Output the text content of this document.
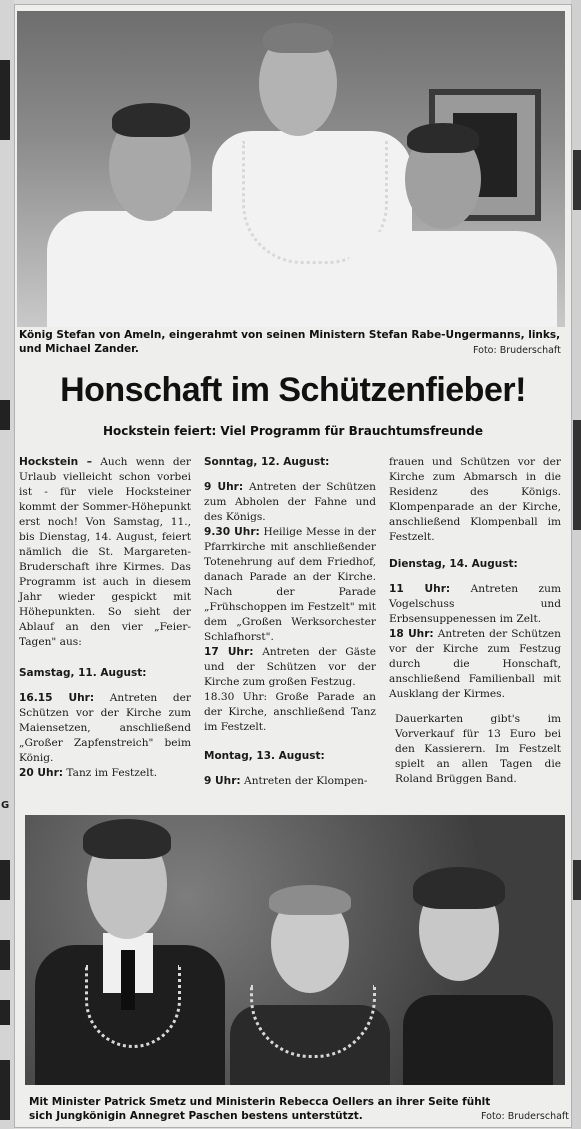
G
König Stefan von Ameln, eingerahmt von seinen Ministern Stefan Rabe-Ungermanns, links, und Michael Zander.	Foto: Bruderschaft
Honschaft im Schützenfieber!
Hockstein feiert: Viel Programm für Brauchtumsfreunde

Hockstein – Auch wenn der Urlaub vielleicht schon vorbei ist - für viele Hocksteiner kommt der Sommer-Höhepunkt erst noch! Von Samstag, 11., bis Dienstag, 14. August, feiert nämlich die St. Margareten-Bruderschaft ihre Kirmes. Das Programm ist auch in diesem Jahr wieder gespickt mit Höhepunkten. So sieht der Ablauf an den vier „Feier-Tagen" aus:

Samstag, 11. August:

16.15 Uhr: Antreten der Schützen vor der Kirche zum Maiensetzen, anschließend „Großer Zapfenstreich" beim König.

20 Uhr: Tanz im Festzelt.

Sonntag, 12. August:

9 Uhr: Antreten der Schützen zum Abholen der Fahne und des Königs.

9.30 Uhr: Heilige Messe in der Pfarrkirche mit anschließender Totenehrung auf dem Friedhof, danach Parade an der Kirche. Nach der Parade „Frühschoppen im Festzelt" mit dem „Großen Werksorchester Schlafhorst".

17 Uhr: Antreten der Gäste und der Schützen vor der Kirche zum großen Festzug.

18.30 Uhr: Große Parade an der Kirche, anschließend Tanz im Festzelt.

Montag, 13. August:

9 Uhr: Antreten der Klompen-

frauen und Schützen vor der Kirche zum Abmarsch in die Residenz des Königs. Klompenparade an der Kirche, anschließend Klompenball im Festzelt.

Dienstag, 14. August:

11 Uhr: Antreten zum Vogelschuss und Erbsensuppenessen im Zelt.

18 Uhr: Antreten der Schützen vor der Kirche zum Festzug durch die Honschaft, anschließend Familienball mit Ausklang der Kirmes.

Dauerkarten gibt's im Vorverkauf für 13 Euro bei den Kassierern. Im Festzelt spielt an allen Tagen die Roland Brüggen Band.

Mit Minister Patrick Smetz und Ministerin Rebecca Oellers an ihrer Seite fühlt sich Jungkönigin Annegret Paschen bestens unterstützt.	Foto: Bruderschaft
